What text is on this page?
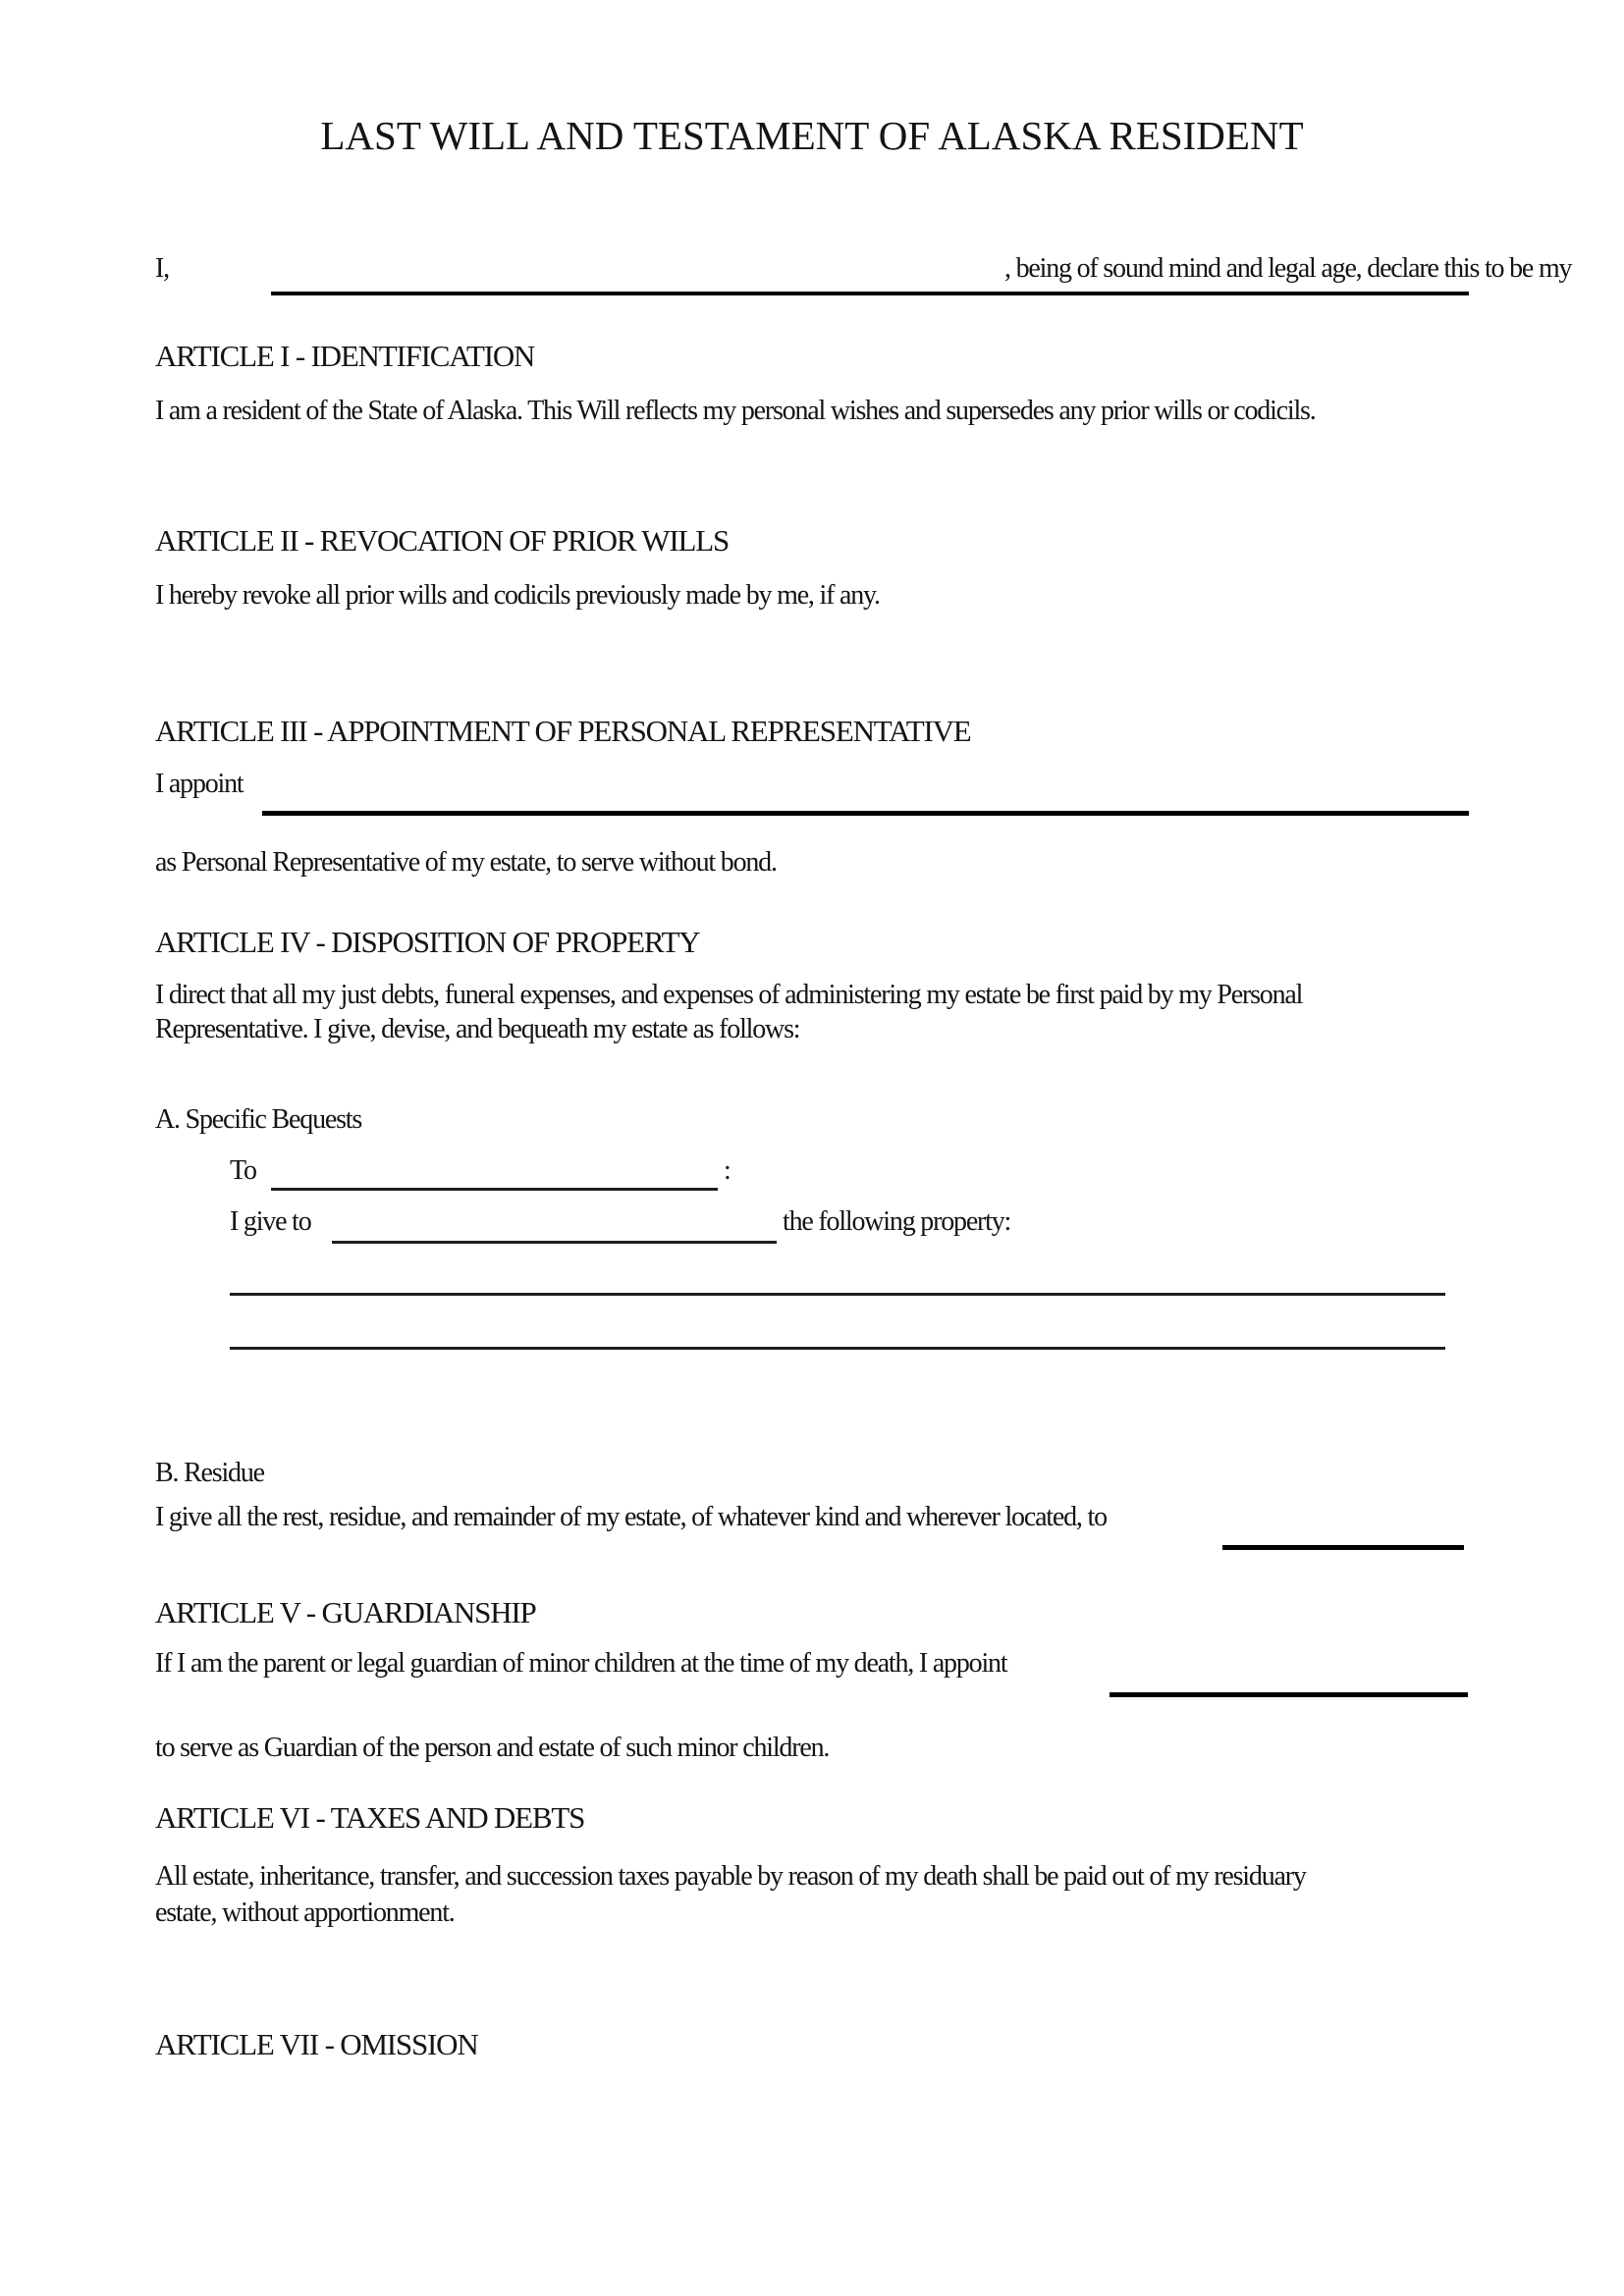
LAST WILL AND TESTAMENT OF ALASKA RESIDENT
I,	, being of sound mind and legal age, declare this to be my
ARTICLE I - IDENTIFICATION
I am a resident of the State of Alaska. This Will reflects my personal wishes and supersedes any prior wills or codicils.
ARTICLE II - REVOCATION OF PRIOR WILLS
I hereby revoke all prior wills and codicils previously made by me, if any.
ARTICLE III - APPOINTMENT OF PERSONAL REPRESENTATIVE
I appoint
as Personal Representative of my estate, to serve without bond.
ARTICLE IV - DISPOSITION OF PROPERTY
I direct that all my just debts, funeral expenses, and expenses of administering my estate be first paid by my Personal
Representative. I give, devise, and bequeath my estate as follows:
A. Specific Bequests
To	:
I give to	the following property:
B. Residue
I give all the rest, residue, and remainder of my estate, of whatever kind and wherever located, to
ARTICLE V - GUARDIANSHIP
If I am the parent or legal guardian of minor children at the time of my death, I appoint
to serve as Guardian of the person and estate of such minor children.
ARTICLE VI - TAXES AND DEBTS
All estate, inheritance, transfer, and succession taxes payable by reason of my death shall be paid out of my residuary
estate, without apportionment.
ARTICLE VII - OMISSION
